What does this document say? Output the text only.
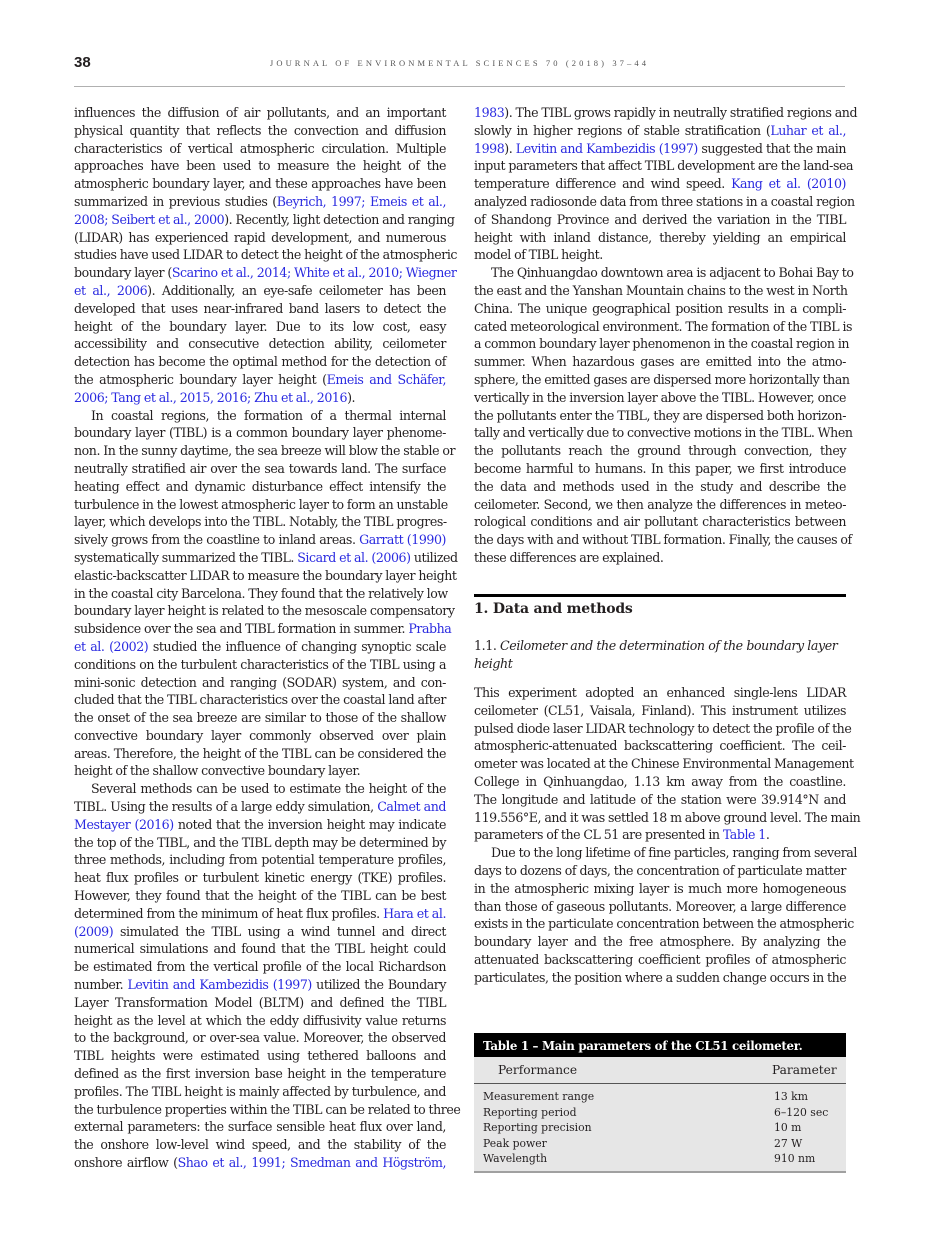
38	JOURNAL OF ENVIRONMENTAL SCIENCES 70 (2018) 37–44
influences the diffusion of air pollutants, and an important
physical quantity that reflects the convection and diffusion
characteristics of vertical atmospheric circulation. Multiple
approaches have been used to measure the height of the
atmospheric boundary layer, and these approaches have been
summarized in previous studies (Beyrich, 1997; Emeis et al.,
2008; Seibert et al., 2000). Recently, light detection and ranging
(LIDAR) has experienced rapid development, and numerous
studies have used LIDAR to detect the height of the atmospheric
boundary layer (Scarino et al., 2014; White et al., 2010; Wiegner
et al., 2006). Additionally, an eye-safe ceilometer has been
developed that uses near-infrared band lasers to detect the
height of the boundary layer. Due to its low cost, easy
accessibility and consecutive detection ability, ceilometer
detection has become the optimal method for the detection of
the atmospheric boundary layer height (Emeis and Schäfer,
2006; Tang et al., 2015, 2016; Zhu et al., 2016).
In coastal regions, the formation of a thermal internal
boundary layer (TIBL) is a common boundary layer phenome-
non. In the sunny daytime, the sea breeze will blow the stable or
neutrally stratified air over the sea towards land. The surface
heating effect and dynamic disturbance effect intensify the
turbulence in the lowest atmospheric layer to form an unstable
layer, which develops into the TIBL. Notably, the TIBL progres-
sively grows from the coastline to inland areas. Garratt (1990)
systematically summarized the TIBL. Sicard et al. (2006) utilized
elastic-backscatter LIDAR to measure the boundary layer height
in the coastal city Barcelona. They found that the relatively low
boundary layer height is related to the mesoscale compensatory
subsidence over the sea and TIBL formation in summer. Prabha
et al. (2002) studied the influence of changing synoptic scale
conditions on the turbulent characteristics of the TIBL using a
mini-sonic detection and ranging (SODAR) system, and con-
cluded that the TIBL characteristics over the coastal land after
the onset of the sea breeze are similar to those of the shallow
convective boundary layer commonly observed over plain
areas. Therefore, the height of the TIBL can be considered the
height of the shallow convective boundary layer.
Several methods can be used to estimate the height of the
TIBL. Using the results of a large eddy simulation, Calmet and
Mestayer (2016) noted that the inversion height may indicate
the top of the TIBL, and the TIBL depth may be determined by
three methods, including from potential temperature profiles,
heat flux profiles or turbulent kinetic energy (TKE) profiles.
However, they found that the height of the TIBL can be best
determined from the minimum of heat flux profiles. Hara et al.
(2009) simulated the TIBL using a wind tunnel and direct
numerical simulations and found that the TIBL height could
be estimated from the vertical profile of the local Richardson
number. Levitin and Kambezidis (1997) utilized the Boundary
Layer Transformation Model (BLTM) and defined the TIBL
height as the level at which the eddy diffusivity value returns
to the background, or over-sea value. Moreover, the observed
TIBL heights were estimated using tethered balloons and
defined as the first inversion base height in the temperature
profiles. The TIBL height is mainly affected by turbulence, and
the turbulence properties within the TIBL can be related to three
external parameters: the surface sensible heat flux over land,
the onshore low-level wind speed, and the stability of the
onshore airflow (Shao et al., 1991; Smedman and Högström,
1983). The TIBL grows rapidly in neutrally stratified regions and
slowly in higher regions of stable stratification (Luhar et al.,
1998). Levitin and Kambezidis (1997) suggested that the main
input parameters that affect TIBL development are the land-sea
temperature difference and wind speed. Kang et al. (2010)
analyzed radiosonde data from three stations in a coastal region
of Shandong Province and derived the variation in the TIBL
height with inland distance, thereby yielding an empirical
model of TIBL height.
The Qinhuangdao downtown area is adjacent to Bohai Bay to
the east and the Yanshan Mountain chains to the west in North
China. The unique geographical position results in a compli-
cated meteorological environment. The formation of the TIBL is
a common boundary layer phenomenon in the coastal region in
summer. When hazardous gases are emitted into the atmo-
sphere, the emitted gases are dispersed more horizontally than
vertically in the inversion layer above the TIBL. However, once
the pollutants enter the TIBL, they are dispersed both horizon-
tally and vertically due to convective motions in the TIBL. When
the pollutants reach the ground through convection, they
become harmful to humans. In this paper, we first introduce
the data and methods used in the study and describe the
ceilometer. Second, we then analyze the differences in meteo-
rological conditions and air pollutant characteristics between
the days with and without TIBL formation. Finally, the causes of
these differences are explained.
1. Data and methods
1.1. Ceilometer and the determination of the boundary layer height
This experiment adopted an enhanced single-lens LIDAR
ceilometer (CL51, Vaisala, Finland). This instrument utilizes
pulsed diode laser LIDAR technology to detect the profile of the
atmospheric-attenuated backscattering coefficient. The ceil-
ometer was located at the Chinese Environmental Management
College in Qinhuangdao, 1.13 km away from the coastline.
The longitude and latitude of the station were 39.914°N and
119.556°E, and it was settled 18 m above ground level. The main
parameters of the CL 51 are presented in Table 1.
Due to the long lifetime of fine particles, ranging from several
days to dozens of days, the concentration of particulate matter
in the atmospheric mixing layer is much more homogeneous
than those of gaseous pollutants. Moreover, a large difference
exists in the particulate concentration between the atmospheric
boundary layer and the free atmosphere. By analyzing the
attenuated backscattering coefficient profiles of atmospheric
particulates, the position where a sudden change occurs in the
Table 1 – Main parameters of the CL51 ceilometer.
Performance	Parameter
Measurement range	13 km
Reporting period	6–120 sec
Reporting precision	10 m
Peak power	27 W
Wavelength	910 nm
